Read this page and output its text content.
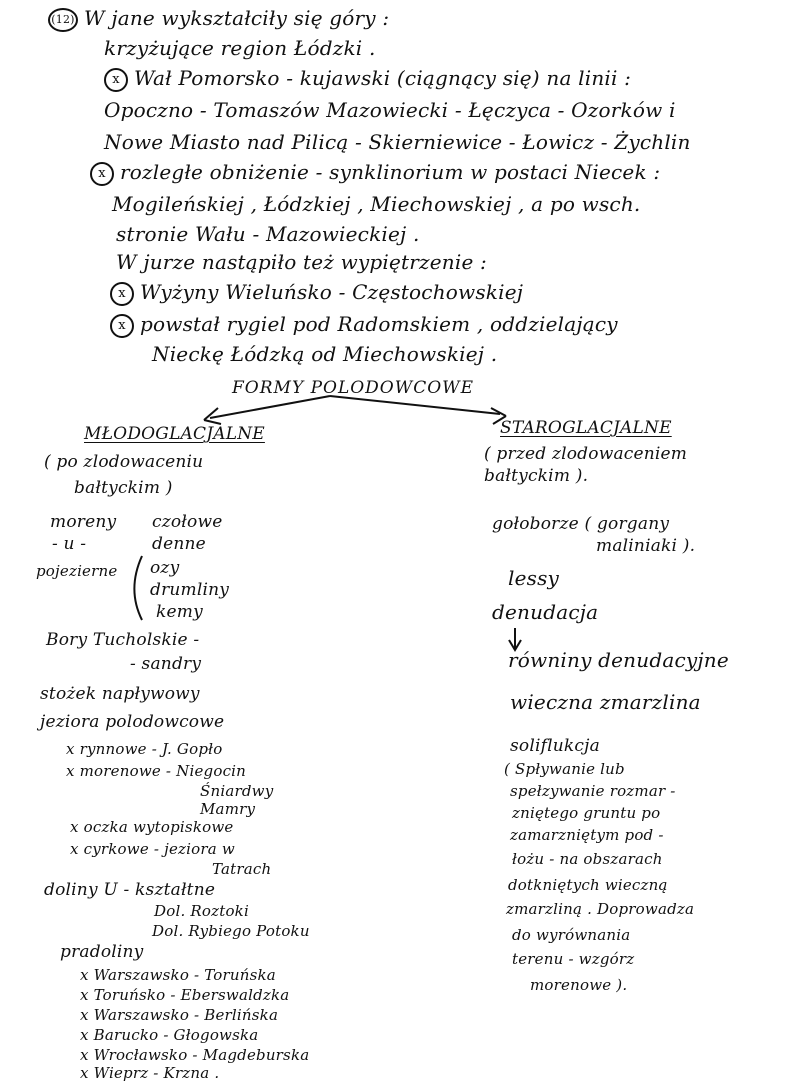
(12) W jane wykształciły się góry :
krzyżujące region Łódzki .
x Wał Pomorsko - kujawski (ciągnący się) na linii :
Opoczno - Tomaszów Mazowiecki - Łęczyca - Ozorków i
Nowe Miasto nad Pilicą - Skierniewice - Łowicz - Żychlin
x rozległe obniżenie - synklinorium w postaci Niecek :
Mogileńskiej , Łódzkiej , Miechowskiej , a po wsch.
stronie Wału - Mazowieckiej .
W jurze nastąpiło też wypiętrzenie :
x Wyżyny Wieluńsko - Częstochowskiej
x powstał rygiel pod Radomskiem , oddzielający
Nieckę Łódzką od Miechowskiej .
FORMY POLODOWCOWE
MŁODOGLACJALNE
( po zlodowaceniu
bałtyckim )
moreny
- u -
czołowe
denne
pojezierne ozy
drumliny
kemy
Bory Tucholskie -
- sandry
stożek napływowy
jeziora polodowcowe
x rynnowe - J. Gopło
x morenowe - Niegocin
Śniardwy
Mamry
x oczka wytopiskowe
x cyrkowe - jeziora w
Tatrach
doliny U - kształtne
Dol. Roztoki
Dol. Rybiego Potoku
pradoliny
x Warszawsko - Toruńska
x Toruńsko - Eberswaldzka
x Warszawsko - Berlińska
x Barucko - Głogowska
x Wrocławsko - Magdeburska
x Wieprz - Krzna .
STAROGLACJALNE
( przed zlodowaceniem
bałtyckim ).
gołoborze ( gorgany
maliniaki ).
lessy
denudacja
równiny denudacyjne
wieczna zmarzlina
soliflukcja
( Spływanie lub
spełzywanie rozmar -
zniętego gruntu po
zamarzniętym pod -
łożu - na obszarach
dotkniętych wieczną
zmarzliną . Doprowadza
do wyrównania
terenu - wzgórz
morenowe ).
